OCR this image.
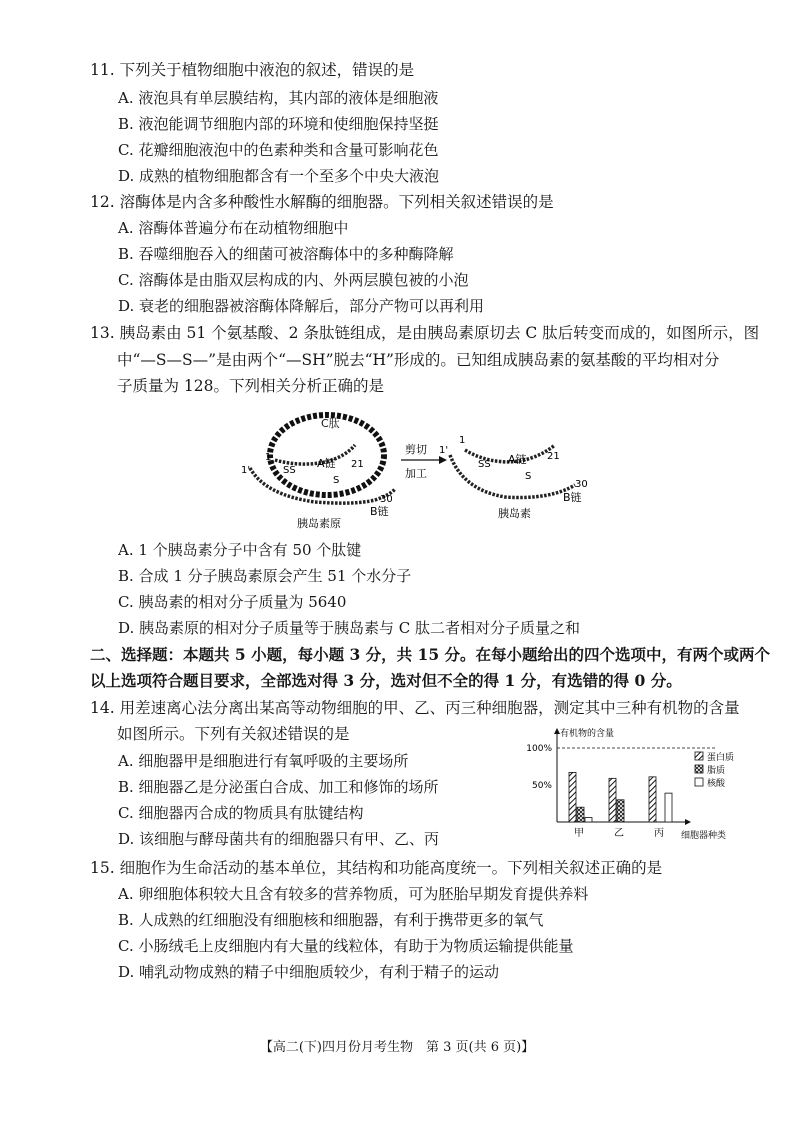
11. 下列关于植物细胞中液泡的叙述，错误的是
A. 液泡具有单层膜结构，其内部的液体是细胞液
B. 液泡能调节细胞内部的环境和使细胞保持坚挺
C. 花瓣细胞液泡中的色素种类和含量可影响花色
D. 成熟的植物细胞都含有一个至多个中央大液泡
12. 溶酶体是内含多种酸性水解酶的细胞器。下列相关叙述错误的是
A. 溶酶体普遍分布在动植物细胞中
B. 吞噬细胞吞入的细菌可被溶酶体中的多种酶降解
C. 溶酶体是由脂双层构成的内、外两层膜包被的小泡
D. 衰老的细胞器被溶酶体降解后，部分产物可以再利用
13. 胰岛素由 51 个氨基酸、2 条肽链组成，是由胰岛素原切去 C 肽后转变而成的，如图所示，图
中“—S—S—”是由两个“—SH”脱去“H”形成的。已知组成胰岛素的氨基酸的平均相对分
子质量为 128。下列相关分析正确的是
C肽
A链
1
21
SS
S
1'
30
B链
胰岛素原
剪切
加工
A链
1
21
SS
S
1'
30
B链
胰岛素
A. 1 个胰岛素分子中含有 50 个肽键
B. 合成 1 分子胰岛素原会产生 51 个水分子
C. 胰岛素的相对分子质量为 5640
D. 胰岛素原的相对分子质量等于胰岛素与 C 肽二者相对分子质量之和
二、选择题：本题共 5 小题，每小题 3 分，共 15 分。在每小题给出的四个选项中，有两个或两个
以上选项符合题目要求，全部选对得 3 分，选对但不全的得 1 分，有选错的得 0 分。
14. 用差速离心法分离出某高等动物细胞的甲、乙、丙三种细胞器，测定其中三种有机物的含量
如图所示。下列有关叙述错误的是
A. 细胞器甲是细胞进行有氧呼吸的主要场所
B. 细胞器乙是分泌蛋白合成、加工和修饰的场所
C. 细胞器丙合成的物质具有肽键结构
D. 该细胞与酵母菌共有的细胞器只有甲、乙、丙
有机物的含量
细胞器种类
100%
50%
甲	乙	丙
蛋白质
脂质
核酸
15. 细胞作为生命活动的基本单位，其结构和功能高度统一。下列相关叙述正确的是
A. 卵细胞体积较大且含有较多的营养物质，可为胚胎早期发育提供养料
B. 人成熟的红细胞没有细胞核和细胞器，有利于携带更多的氧气
C. 小肠绒毛上皮细胞内有大量的线粒体，有助于为物质运输提供能量
D. 哺乳动物成熟的精子中细胞质较少，有利于精子的运动
【高二(下)四月份月考生物　第 3 页(共 6 页)】
